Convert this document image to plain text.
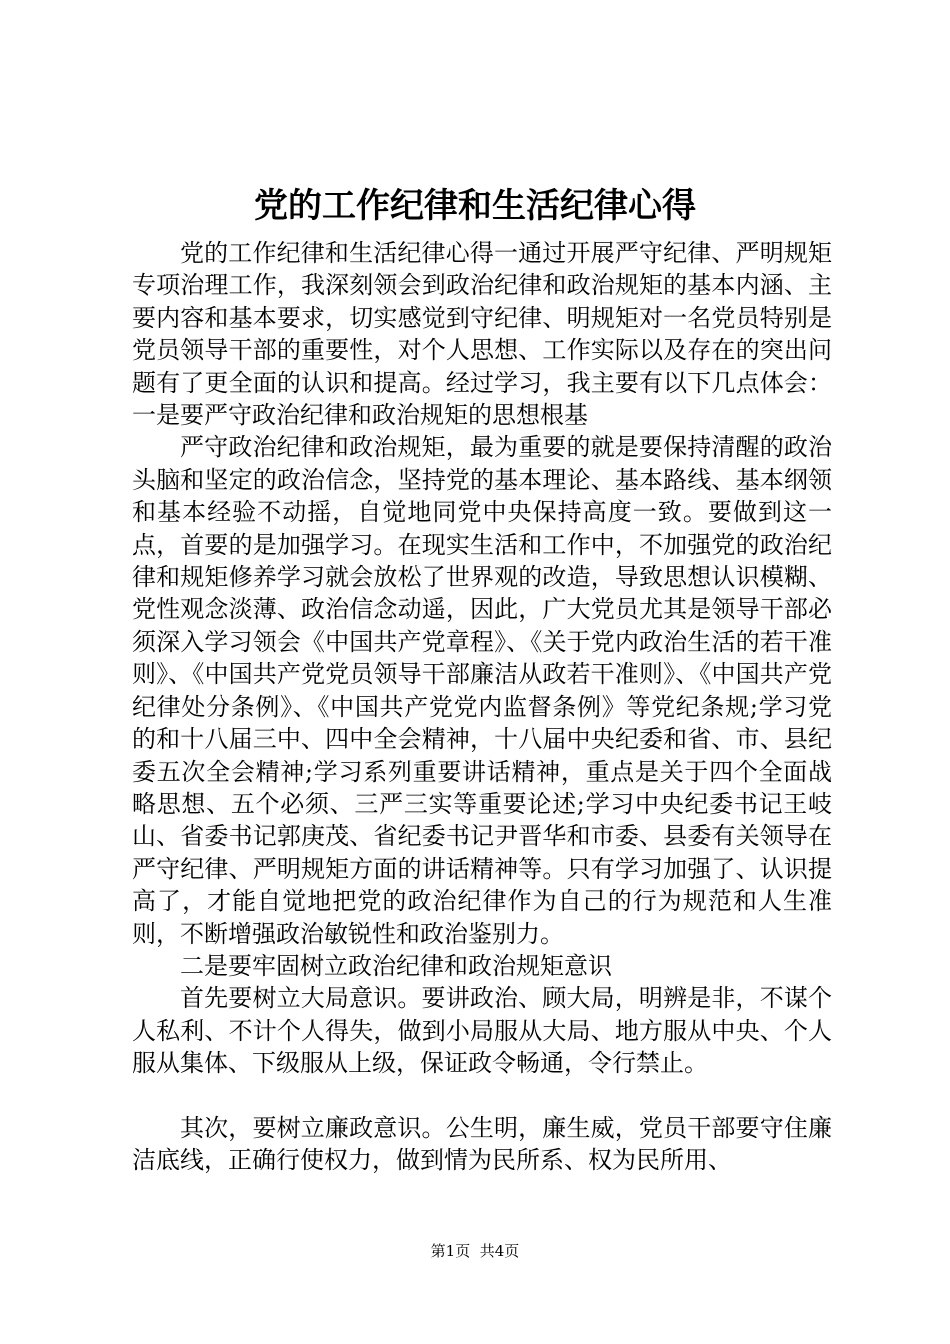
党的工作纪律和生活纪律心得

党的工作纪律和生活纪律心得一通过开展严守纪律、严明规矩专项治理工作，我深刻领会到政治纪律和政治规矩的基本内涵、主要内容和基本要求，切实感觉到守纪律、明规矩对一名党员特别是党员领导干部的重要性，对个人思想、工作实际以及存在的突出问题有了更全面的认识和提高。经过学习，我主要有以下几点体会：一是要严守政治纪律和政治规矩的思想根基

严守政治纪律和政治规矩，最为重要的就是要保持清醒的政治头脑和坚定的政治信念，坚持党的基本理论、基本路线、基本纲领和基本经验不动摇，自觉地同党中央保持高度一致。要做到这一点，首要的是加强学习。在现实生活和工作中，不加强党的政治纪律和规矩修养学习就会放松了世界观的改造，导致思想认识模糊、党性观念淡薄、政治信念动遥，因此，广大党员尤其是领导干部必须深入学习领会《中国共产党章程》、《关于党内政治生活的若干准则》、《中国共产党党员领导干部廉洁从政若干准则》、《中国共产党纪律处分条例》、《中国共产党党内监督条例》等党纪条规;学习党的和十八届三中、四中全会精神，十八届中央纪委和省、市、县纪委五次全会精神;学习系列重要讲话精神，重点是关于四个全面战略思想、五个必须、三严三实等重要论述;学习中央纪委书记王岐山、省委书记郭庚茂、省纪委书记尹晋华和市委、县委有关领导在严守纪律、严明规矩方面的讲话精神等。只有学习加强了、认识提高了，才能自觉地把党的政治纪律作为自己的行为规范和人生准则，不断增强政治敏锐性和政治鉴别力。

二是要牢固树立政治纪律和政治规矩意识

首先要树立大局意识。要讲政治、顾大局，明辨是非，不谋个人私利、不计个人得失，做到小局服从大局、地方服从中央、个人服从集体、下级服从上级，保证政令畅通，令行禁止。

其次，要树立廉政意识。公生明，廉生威，党员干部要守住廉洁底线，正确行使权力，做到情为民所系、权为民所用、

第1页 共4页
